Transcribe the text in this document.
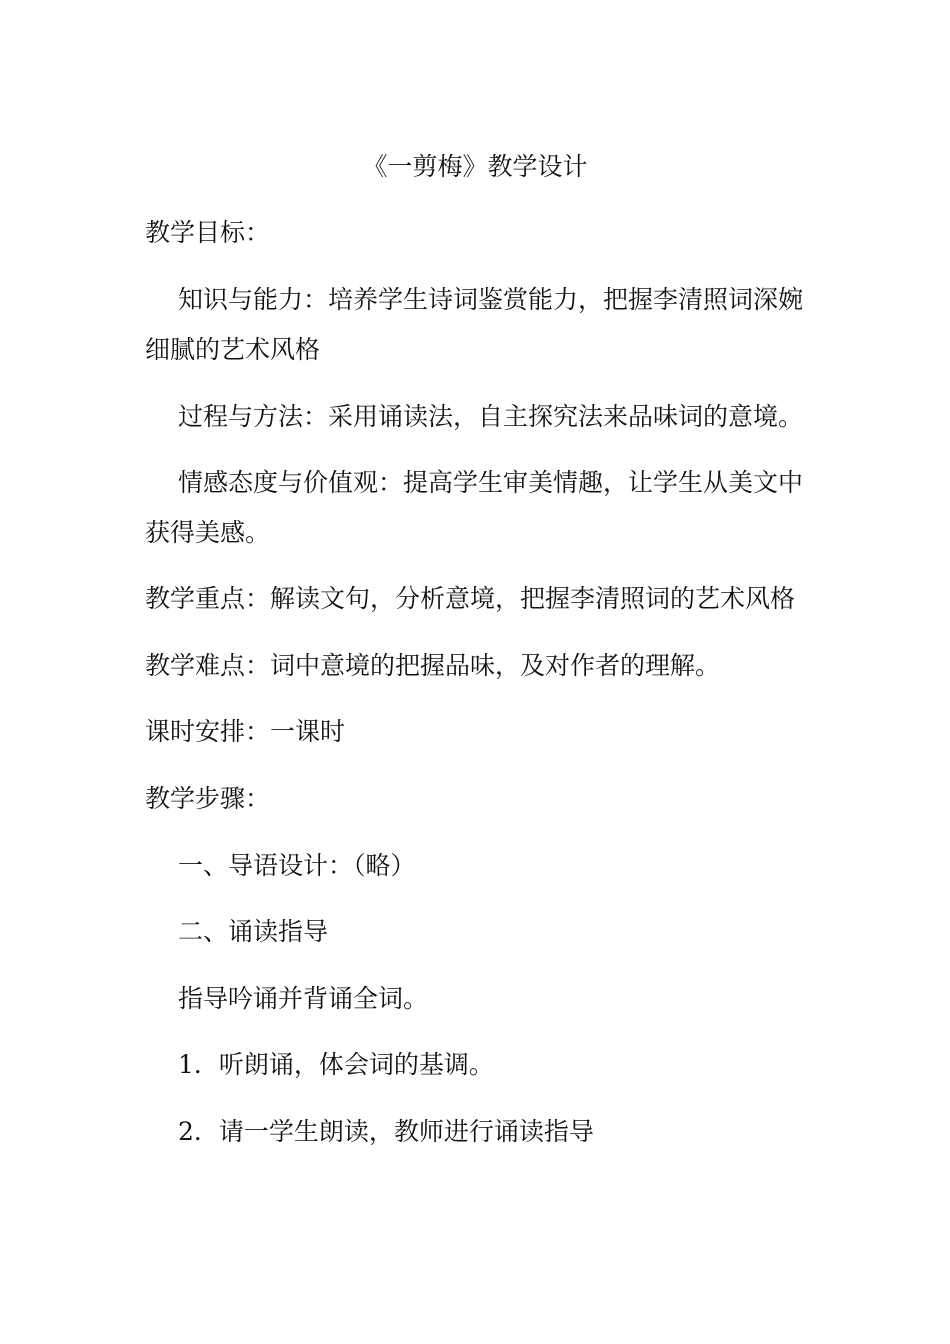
《一剪梅》教学设计
教学目标：
知识与能力：培养学生诗词鉴赏能力，把握李清照词深婉
细腻的艺术风格
过程与方法：采用诵读法，自主探究法来品味词的意境。
情感态度与价值观：提高学生审美情趣，让学生从美文中
获得美感。
教学重点：解读文句，分析意境，把握李清照词的艺术风格
教学难点：词中意境的把握品味，及对作者的理解。
课时安排：一课时
教学步骤：
一、导语设计：（略）
二、诵读指导
指导吟诵并背诵全词。
1．听朗诵，体会词的基调。
2．请一学生朗读，教师进行诵读指导
